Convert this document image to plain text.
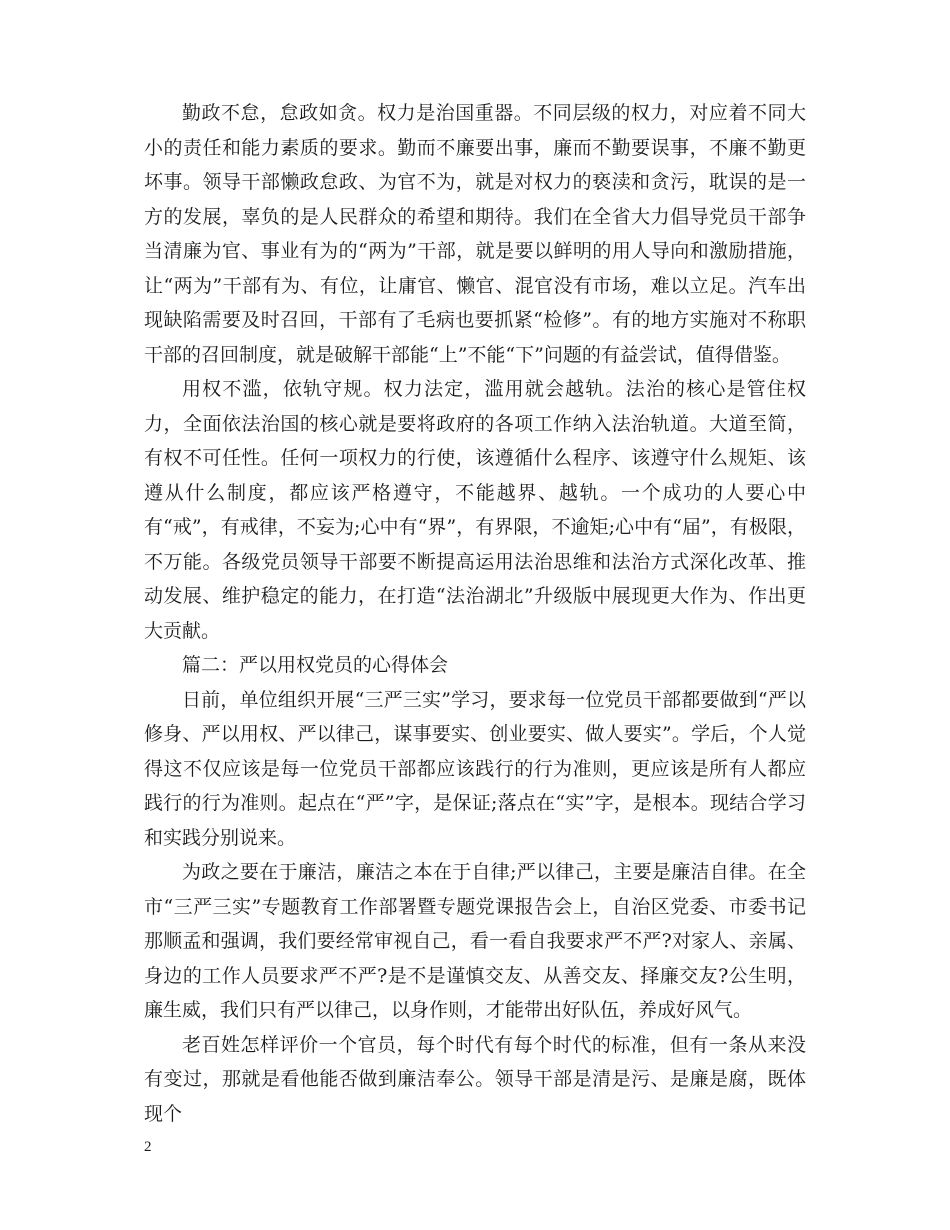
勤政不怠，怠政如贪。权力是治国重器。不同层级的权力，对应着不同大小的责任和能力素质的要求。勤而不廉要出事，廉而不勤要误事，不廉不勤更坏事。领导干部懒政怠政、为官不为，就是对权力的亵渎和贪污，耽误的是一方的发展，辜负的是人民群众的希望和期待。我们在全省大力倡导党员干部争当清廉为官、事业有为的“两为”干部，就是要以鲜明的用人导向和激励措施，让“两为”干部有为、有位，让庸官、懒官、混官没有市场，难以立足。汽车出现缺陷需要及时召回，干部有了毛病也要抓紧“检修”。有的地方实施对不称职干部的召回制度，就是破解干部能“上”不能“下”问题的有益尝试，值得借鉴。

用权不滥，依轨守规。权力法定，滥用就会越轨。法治的核心是管住权力，全面依法治国的核心就是要将政府的各项工作纳入法治轨道。大道至简，有权不可任性。任何一项权力的行使，该遵循什么程序、该遵守什么规矩、该遵从什么制度，都应该严格遵守，不能越界、越轨。一个成功的人要心中有“戒”，有戒律，不妄为;心中有“界”，有界限，不逾矩;心中有“届”，有极限，不万能。各级党员领导干部要不断提高运用法治思维和法治方式深化改革、推动发展、维护稳定的能力，在打造“法治湖北”升级版中展现更大作为、作出更大贡献。

篇二：严以用权党员的心得体会

日前，单位组织开展“三严三实”学习，要求每一位党员干部都要做到“严以修身、严以用权、严以律己，谋事要实、创业要实、做人要实”。学后，个人觉得这不仅应该是每一位党员干部都应该践行的行为准则，更应该是所有人都应践行的行为准则。起点在“严”字，是保证;落点在“实”字，是根本。现结合学习和实践分别说来。

为政之要在于廉洁，廉洁之本在于自律;严以律己，主要是廉洁自律。在全市“三严三实”专题教育工作部署暨专题党课报告会上，自治区党委、市委书记那顺孟和强调，我们要经常审视自己，看一看自我要求严不严?对家人、亲属、身边的工作人员要求严不严?是不是谨慎交友、从善交友、择廉交友?公生明，廉生威，我们只有严以律己，以身作则，才能带出好队伍，养成好风气。

老百姓怎样评价一个官员，每个时代有每个时代的标准，但有一条从来没有变过，那就是看他能否做到廉洁奉公。领导干部是清是污、是廉是腐，既体现个

2
